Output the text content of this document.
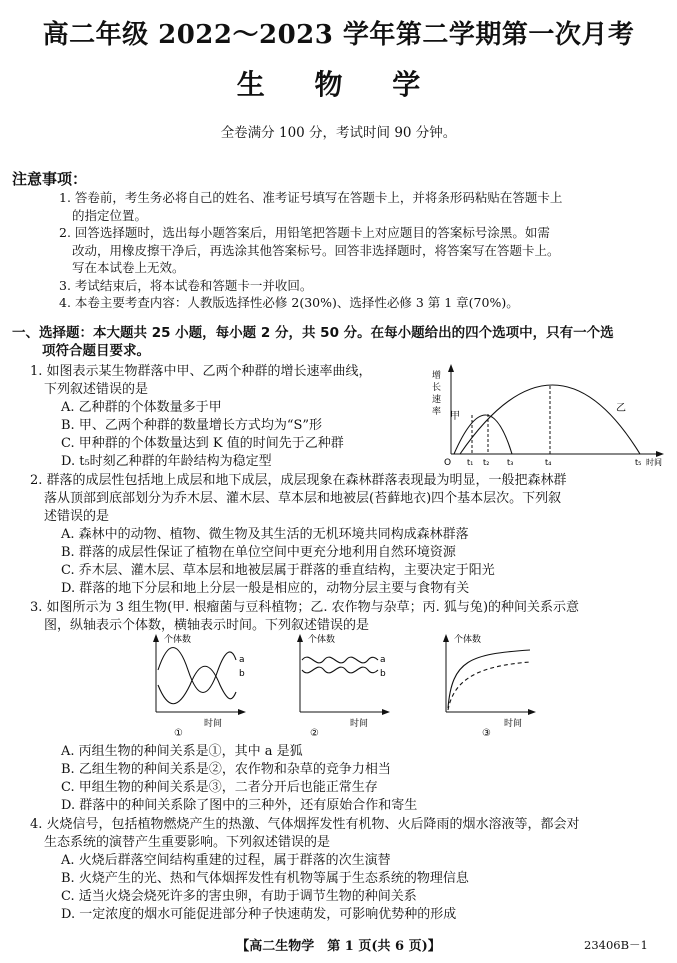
高二年级 2022～2023 学年第二学期第一次月考
生 物 学
全卷满分 100 分，考试时间 90 分钟。
注意事项：
1. 答卷前，考生务必将自己的姓名、准考证号填写在答题卡上，并将条形码粘贴在答题卡上
的指定位置。
2. 回答选择题时，选出每小题答案后，用铅笔把答题卡上对应题目的答案标号涂黑。如需
改动，用橡皮擦干净后，再选涂其他答案标号。回答非选择题时，将答案写在答题卡上。
写在本试卷上无效。
3. 考试结束后，将本试卷和答题卡一并收回。
4. 本卷主要考查内容：人教版选择性必修 2(30%)、选择性必修 3 第 1 章(70%)。
一、选择题：本大题共 25 小题，每小题 2 分，共 50 分。在每小题给出的四个选项中，只有一个选
项符合题目要求。
1. 如图表示某生物群落中甲、乙两个种群的增长速率曲线，
下列叙述错误的是
A. 乙种群的个体数量多于甲
B. 甲、乙两个种群的数量增长方式均为“S”形
C. 甲种群的个体数量达到 K 值的时间先于乙种群
D. t₅时刻乙种群的年龄结构为稳定型
增
长
速
率 甲
乙
O t₁ t₂ t₃	t₄	t₅ 时间
2. 群落的成层性包括地上成层和地下成层，成层现象在森林群落表现最为明显，一般把森林群
落从顶部到底部划分为乔木层、灌木层、草本层和地被层(苔藓地衣)四个基本层次。下列叙
述错误的是
A. 森林中的动物、植物、微生物及其生活的无机环境共同构成森林群落
B. 群落的成层性保证了植物在单位空间中更充分地利用自然环境资源
C. 乔木层、灌木层、草本层和地被层属于群落的垂直结构，主要决定于阳光
D. 群落的地下分层和地上分层一般是相应的，动物分层主要与食物有关
3. 如图所示为 3 组生物(甲. 根瘤菌与豆科植物；乙. 农作物与杂草；丙. 狐与兔)的种间关系示意
图，纵轴表示个体数，横轴表示时间。下列叙述错误的是
个体数
a
b
时间
①
个体数
a
b
时间
②
个体数
时间
③
A. 丙组生物的种间关系是①，其中 a 是狐
B. 乙组生物的种间关系是②，农作物和杂草的竞争力相当
C. 甲组生物的种间关系是③，二者分开后也能正常生存
D. 群落中的种间关系除了图中的三种外，还有原始合作和寄生
4. 火烧信号，包括植物燃烧产生的热激、气体烟挥发性有机物、火后降雨的烟水溶液等，都会对
生态系统的演替产生重要影响。下列叙述错误的是
A. 火烧后群落空间结构重建的过程，属于群落的次生演替
B. 火烧产生的光、热和气体烟挥发性有机物等属于生态系统的物理信息
C. 适当火烧会烧死许多的害虫卵，有助于调节生物的种间关系
D. 一定浓度的烟水可能促进部分种子快速萌发，可影响优势种的形成
【高二生物学　第 1 页(共 6 页)】	23406B－1
